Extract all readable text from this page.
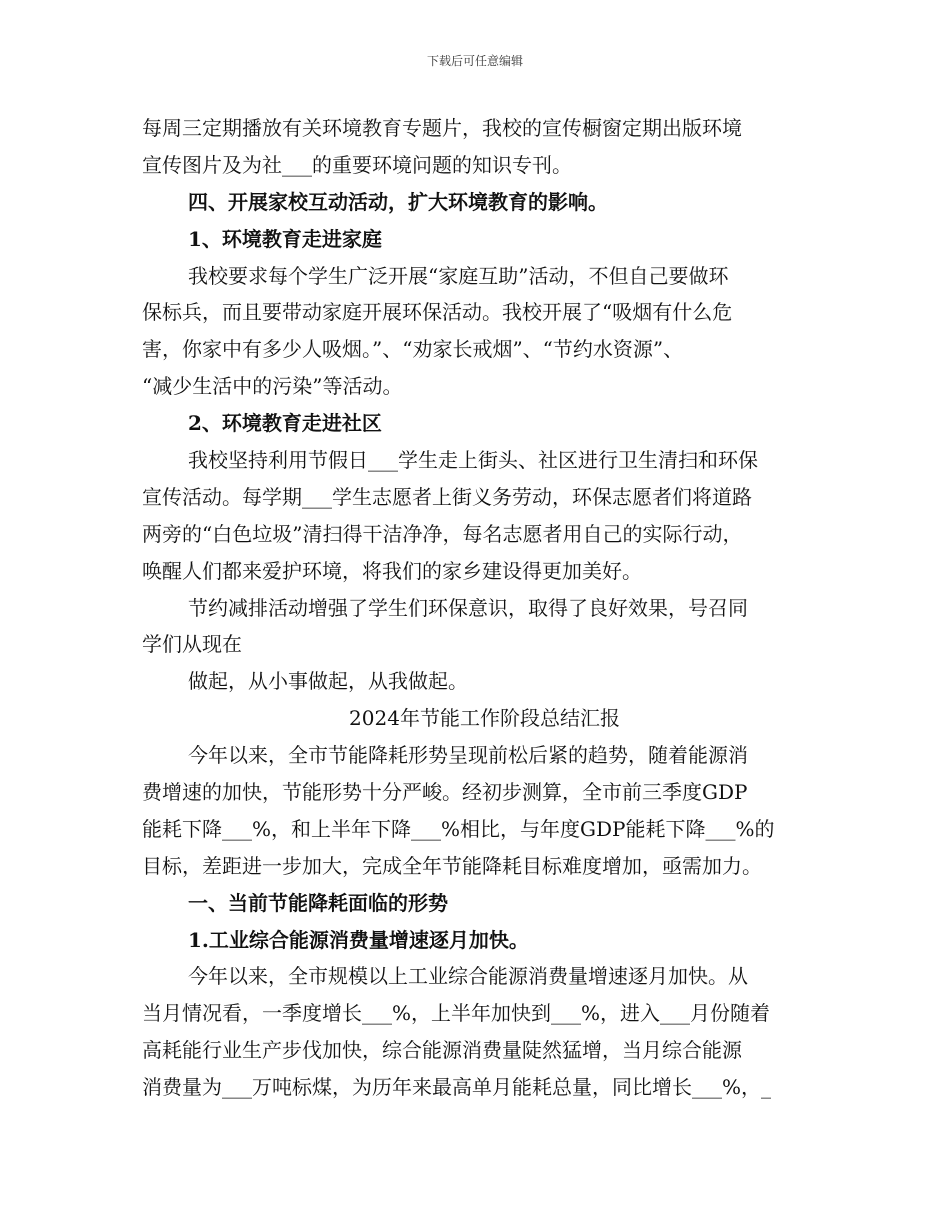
下载后可任意编辑
每周三定期播放有关环境教育专题片，我校的宣传橱窗定期出版环境
宣传图片及为社___的重要环境问题的知识专刊。
四、开展家校互动活动，扩大环境教育的影响。
1、环境教育走进家庭
我校要求每个学生广泛开展“家庭互助”活动，不但自己要做环
保标兵，而且要带动家庭开展环保活动。我校开展了“吸烟有什么危
害，你家中有多少人吸烟。”、“劝家长戒烟”、“节约水资源”、
“减少生活中的污染”等活动。
2、环境教育走进社区
我校坚持利用节假日___学生走上街头、社区进行卫生清扫和环保
宣传活动。每学期___学生志愿者上街义务劳动，环保志愿者们将道路
两旁的“白色垃圾”清扫得干洁净净，每名志愿者用自己的实际行动，
唤醒人们都来爱护环境，将我们的家乡建设得更加美好。
节约减排活动增强了学生们环保意识，取得了良好效果，号召同
学们从现在
做起，从小事做起，从我做起。
2024年节能工作阶段总结汇报
今年以来，全市节能降耗形势呈现前松后紧的趋势，随着能源消
费增速的加快，节能形势十分严峻。经初步测算，全市前三季度GDP
能耗下降___%，和上半年下降___%相比，与年度GDP能耗下降___%的
目标，差距进一步加大，完成全年节能降耗目标难度增加，亟需加力。
一、当前节能降耗面临的形势
1.工业综合能源消费量增速逐月加快。
今年以来，全市规模以上工业综合能源消费量增速逐月加快。从
当月情况看，一季度增长___%，上半年加快到___%，进入___月份随着
高耗能行业生产步伐加快，综合能源消费量陡然猛增，当月综合能源
消费量为___万吨标煤，为历年来最高单月能耗总量，同比增长___%，_
